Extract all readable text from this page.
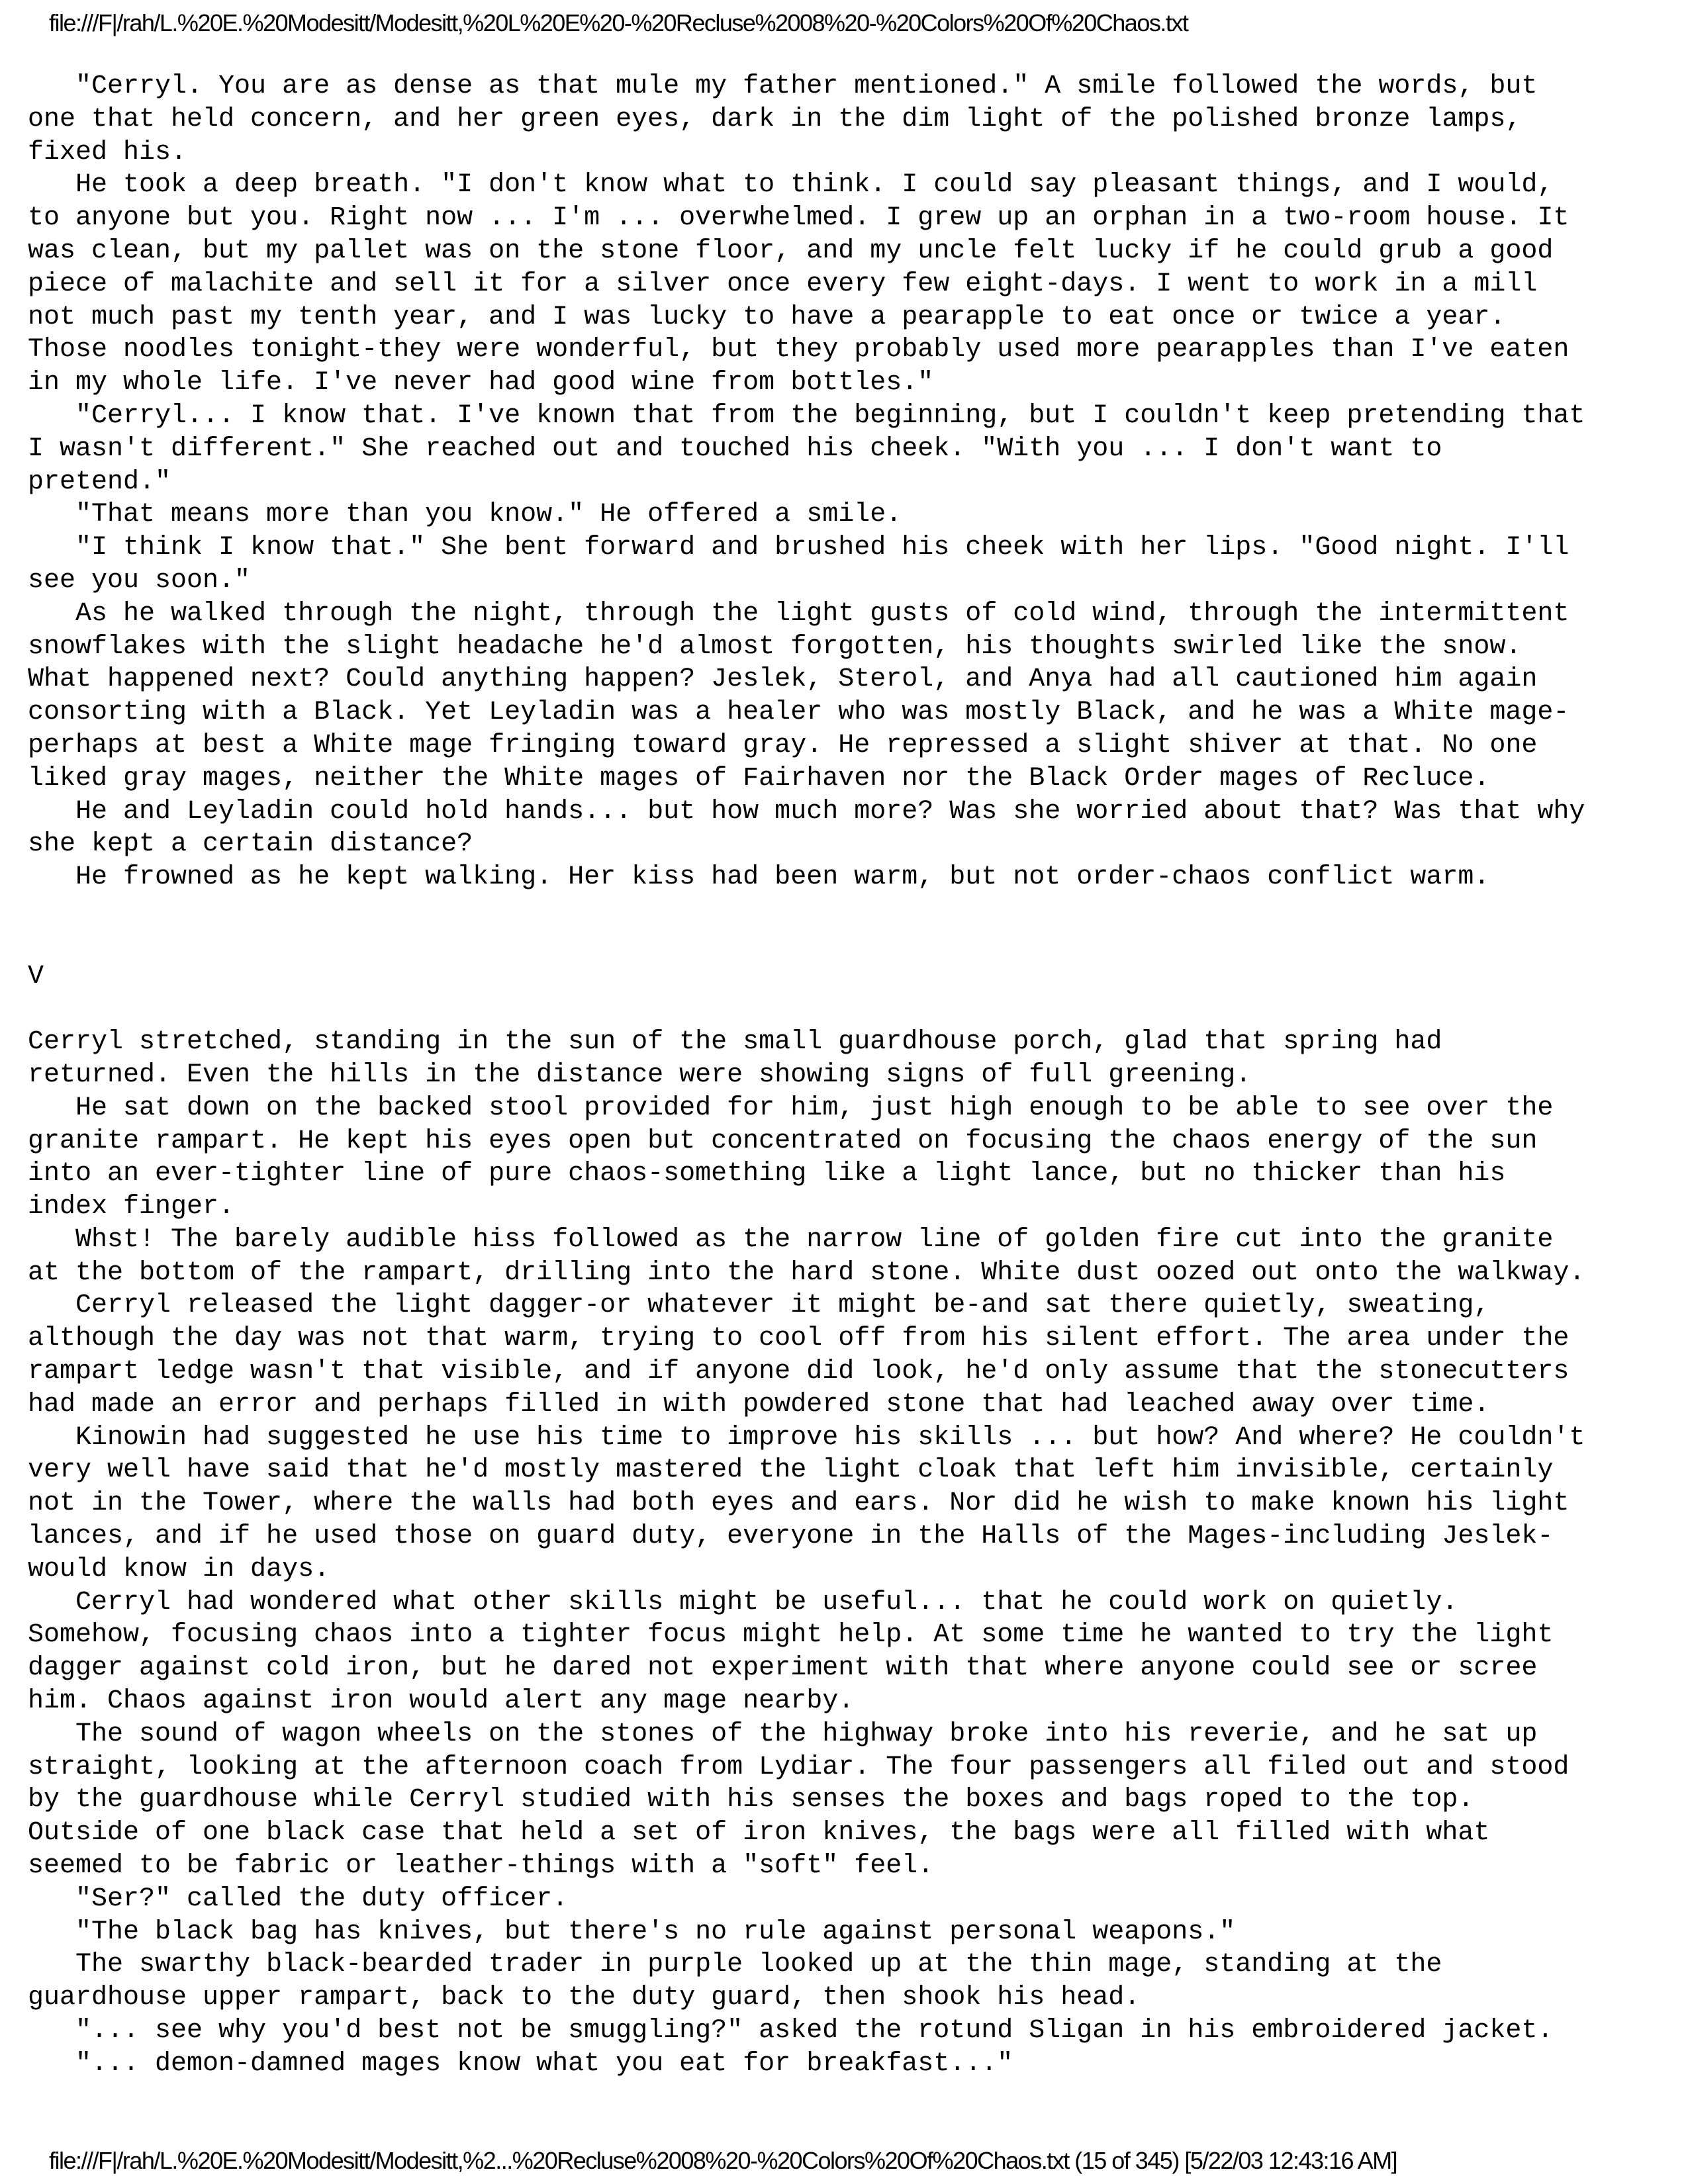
file:///F|/rah/L.%20E.%20Modesitt/Modesitt,%20L%20E%20-%20Recluse%2008%20-%20Colors%20Of%20Chaos.txt
"Cerryl. You are as dense as that mule my father mentioned." A smile followed the words, but
one that held concern, and her green eyes, dark in the dim light of the polished bronze lamps,
fixed his.
He took a deep breath. "I don't know what to think. I could say pleasant things, and I would,
to anyone but you. Right now ... I'm ... overwhelmed. I grew up an orphan in a two-room house. It
was clean, but my pallet was on the stone floor, and my uncle felt lucky if he could grub a good
piece of malachite and sell it for a silver once every few eight-days. I went to work in a mill
not much past my tenth year, and I was lucky to have a pearapple to eat once or twice a year.
Those noodles tonight-they were wonderful, but they probably used more pearapples than I've eaten
in my whole life. I've never had good wine from bottles."
"Cerryl... I know that. I've known that from the beginning, but I couldn't keep pretending that
I wasn't different." She reached out and touched his cheek. "With you ... I don't want to
pretend."
"That means more than you know." He offered a smile.
"I think I know that." She bent forward and brushed his cheek with her lips. "Good night. I'll
see you soon."
As he walked through the night, through the light gusts of cold wind, through the intermittent
snowflakes with the slight headache he'd almost forgotten, his thoughts swirled like the snow.
What happened next? Could anything happen? Jeslek, Sterol, and Anya had all cautioned him again
consorting with a Black. Yet Leyladin was a healer who was mostly Black, and he was a White mage-
perhaps at best a White mage fringing toward gray. He repressed a slight shiver at that. No one
liked gray mages, neither the White mages of Fairhaven nor the Black Order mages of Recluce.
He and Leyladin could hold hands... but how much more? Was she worried about that? Was that why
she kept a certain distance?
He frowned as he kept walking. Her kiss had been warm, but not order-chaos conflict warm.
V
Cerryl stretched, standing in the sun of the small guardhouse porch, glad that spring had
returned. Even the hills in the distance were showing signs of full greening.
He sat down on the backed stool provided for him, just high enough to be able to see over the
granite rampart. He kept his eyes open but concentrated on focusing the chaos energy of the sun
into an ever-tighter line of pure chaos-something like a light lance, but no thicker than his
index finger.
Whst! The barely audible hiss followed as the narrow line of golden fire cut into the granite
at the bottom of the rampart, drilling into the hard stone. White dust oozed out onto the walkway.
Cerryl released the light dagger-or whatever it might be-and sat there quietly, sweating,
although the day was not that warm, trying to cool off from his silent effort. The area under the
rampart ledge wasn't that visible, and if anyone did look, he'd only assume that the stonecutters
had made an error and perhaps filled in with powdered stone that had leached away over time.
Kinowin had suggested he use his time to improve his skills ... but how? And where? He couldn't
very well have said that he'd mostly mastered the light cloak that left him invisible, certainly
not in the Tower, where the walls had both eyes and ears. Nor did he wish to make known his light
lances, and if he used those on guard duty, everyone in the Halls of the Mages-including Jeslek-
would know in days.
Cerryl had wondered what other skills might be useful... that he could work on quietly.
Somehow, focusing chaos into a tighter focus might help. At some time he wanted to try the light
dagger against cold iron, but he dared not experiment with that where anyone could see or scree
him. Chaos against iron would alert any mage nearby.
The sound of wagon wheels on the stones of the highway broke into his reverie, and he sat up
straight, looking at the afternoon coach from Lydiar. The four passengers all filed out and stood
by the guardhouse while Cerryl studied with his senses the boxes and bags roped to the top.
Outside of one black case that held a set of iron knives, the bags were all filled with what
seemed to be fabric or leather-things with a "soft" feel.
"Ser?" called the duty officer.
"The black bag has knives, but there's no rule against personal weapons."
The swarthy black-bearded trader in purple looked up at the thin mage, standing at the
guardhouse upper rampart, back to the duty guard, then shook his head.
"... see why you'd best not be smuggling?" asked the rotund Sligan in his embroidered jacket.
"... demon-damned mages know what you eat for breakfast..."
file:///F|/rah/L.%20E.%20Modesitt/Modesitt,%2...%20Recluse%2008%20-%20Colors%20Of%20Chaos.txt (15 of 345) [5/22/03 12:43:16 AM]
